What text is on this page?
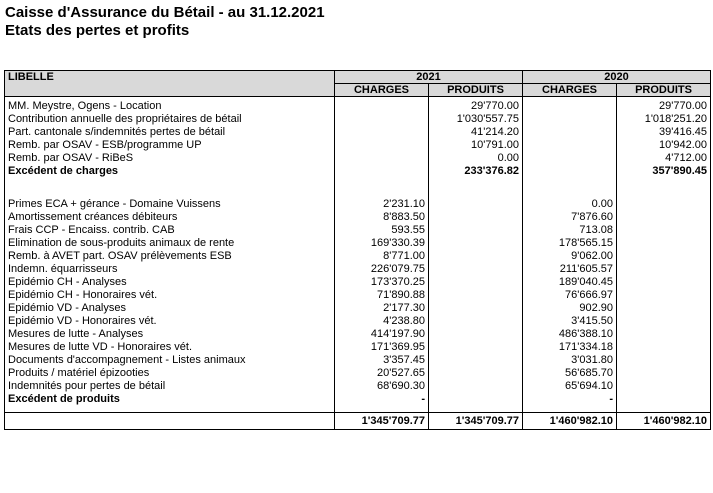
Caisse d'Assurance du Bétail - au 31.12.2021
Etats des pertes et profits
LIBELLE	2021		2020	
	CHARGES	PRODUITS	CHARGES	PRODUITS
MM. Meystre, Ogens - Location		29'770.00		29'770.00
Contribution annuelle des propriétaires de bétail		1'030'557.75		1'018'251.20
Part. cantonale s/indemnités pertes de bétail		41'214.20		39'416.45
Remb. par OSAV - ESB/programme UP		10'791.00		10'942.00
Remb. par OSAV - RiBeS		0.00		4'712.00
Excédent de charges		233'376.82		357'890.45

Primes ECA + gérance - Domaine Vuissens	2'231.10		0.00	
Amortissement créances débiteurs	8'883.50		7'876.60	
Frais CCP - Encaiss. contrib. CAB	593.55		713.08	
Elimination de sous-produits animaux de rente	169'330.39		178'565.15	
Remb. à AVET part. OSAV prélèvements ESB	8'771.00		9'062.00	
Indemn. équarrisseurs	226'079.75		211'605.57	
Epidémio CH - Analyses	173'370.25		189'040.45	
Epidémio CH - Honoraires vét.	71'890.88		76'666.97	
Epidémio VD - Analyses	2'177.30		902.90	
Epidémio VD - Honoraires vét.	4'238.80		3'415.50	
Mesures de lutte - Analyses	414'197.90		486'388.10	
Mesures de lutte VD - Honoraires vét.	171'369.95		171'334.18	
Documents d'accompagnement - Listes animaux	3'357.45		3'031.80	
Produits / matériel épizooties	20'527.65		56'685.70	
Indemnités pour pertes de bétail	68'690.30		65'694.10	
Excédent de produits	-		-	

	1'345'709.77	1'345'709.77	1'460'982.10	1'460'982.10
